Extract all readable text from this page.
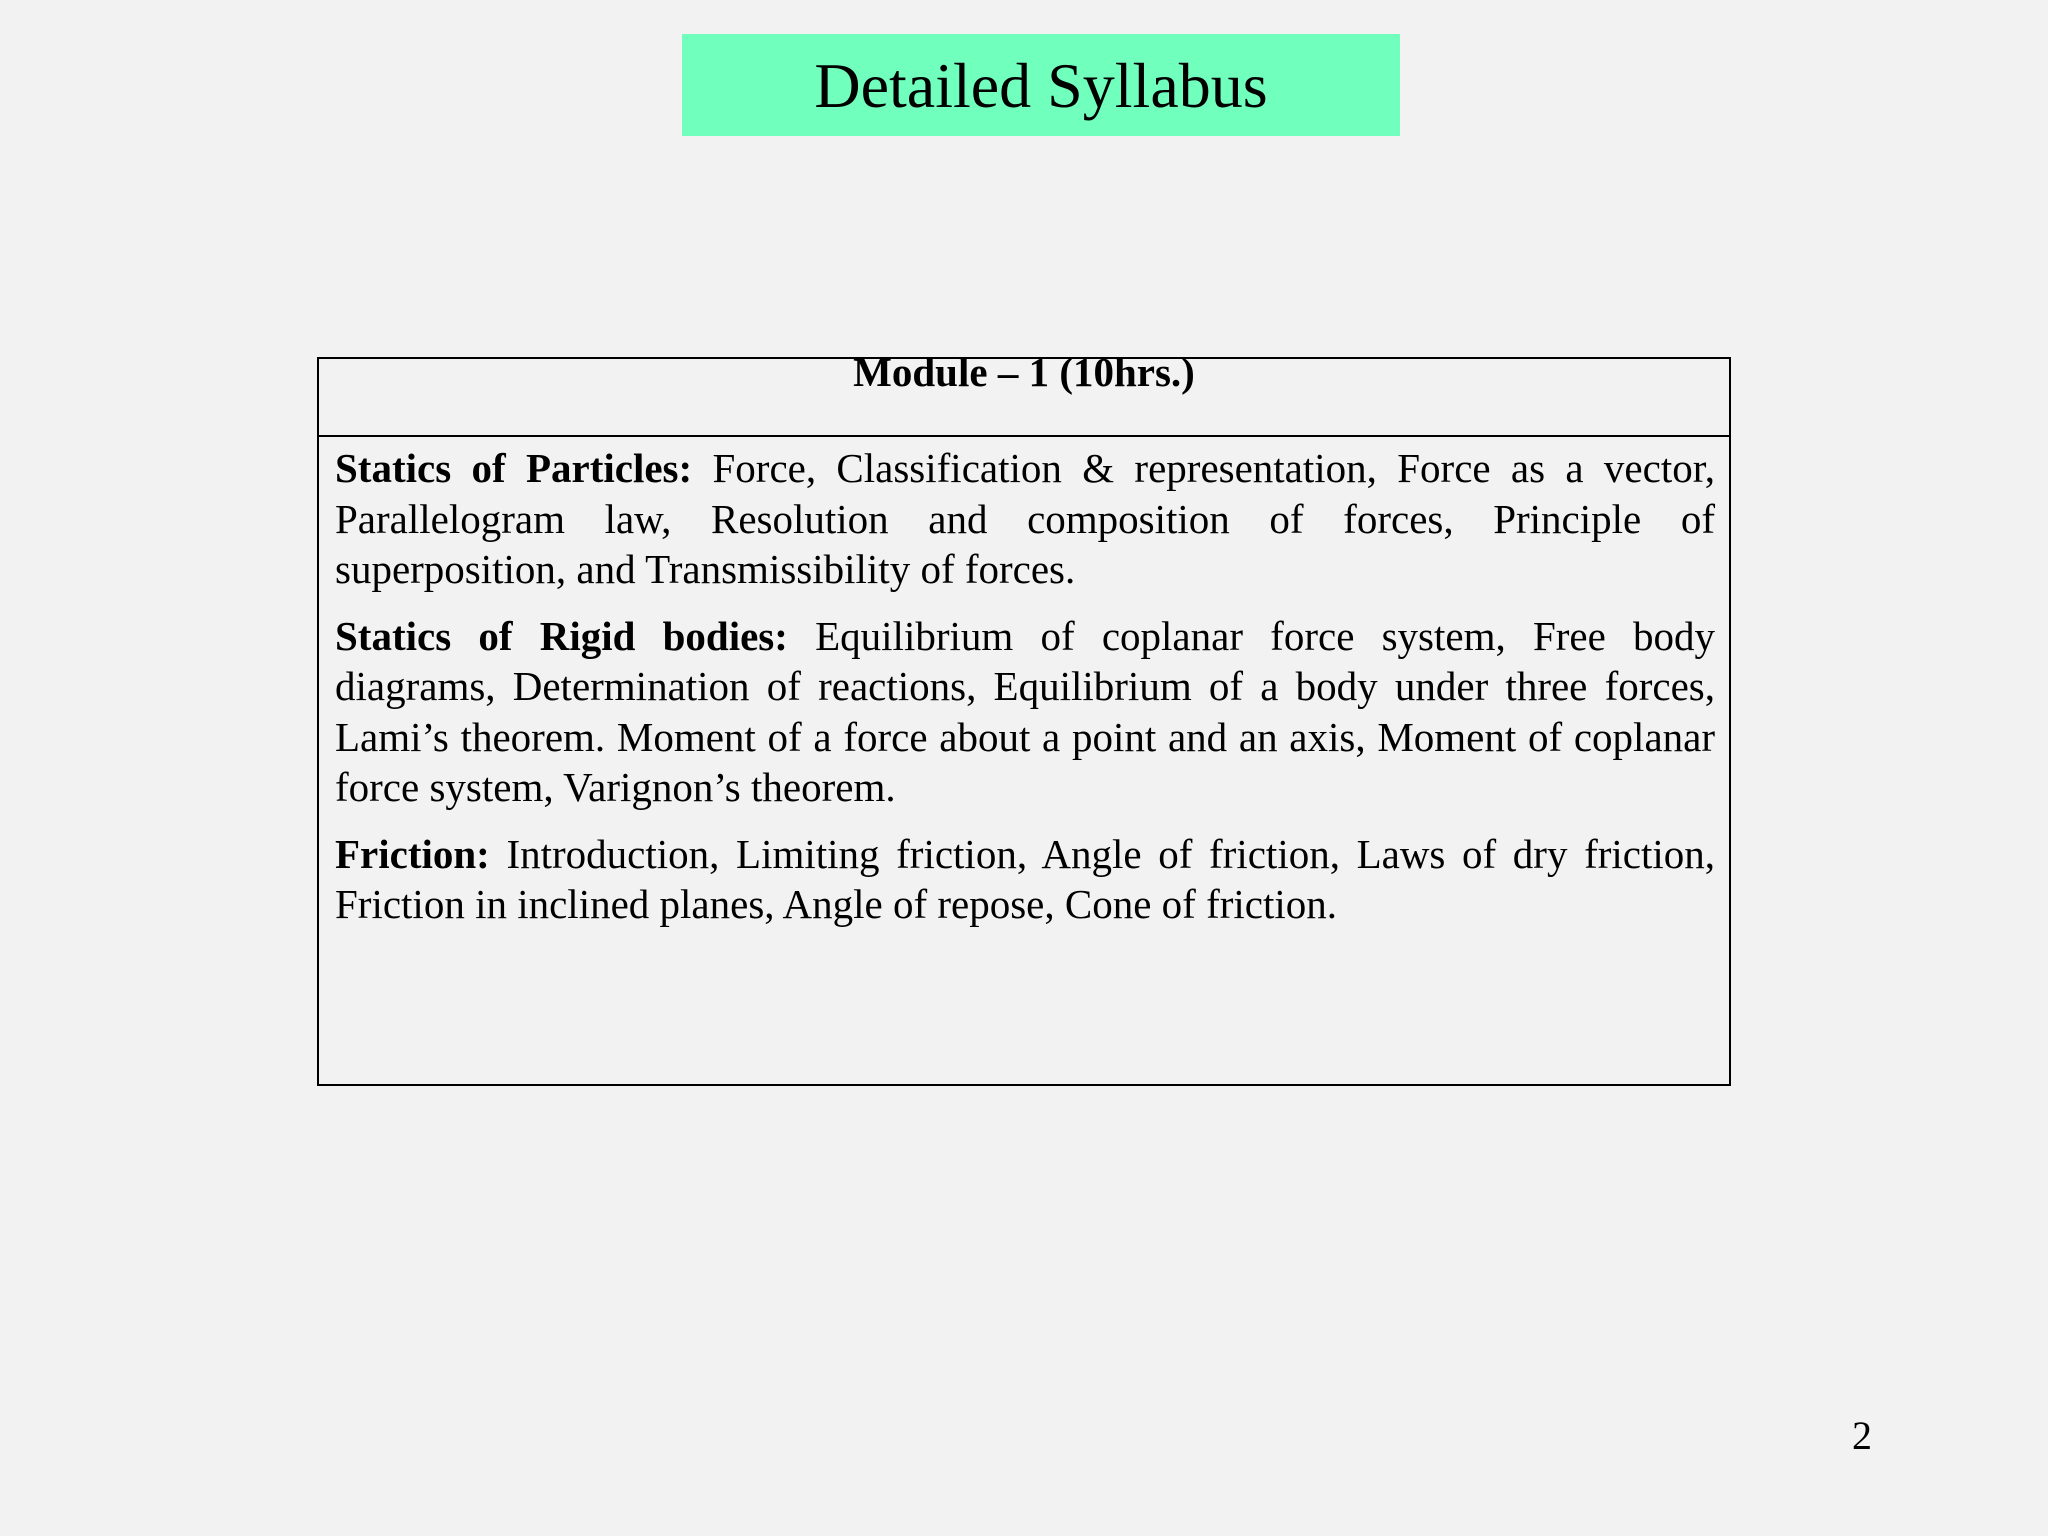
Detailed Syllabus
Module – 1 (10hrs.)

Statics of Particles: Force, Classification & representation, Force as a vector, Parallelogram law, Resolution and composition of forces, Principle of superposition, and Transmissibility of forces.

Statics of Rigid bodies: Equilibrium of coplanar force system, Free body diagrams, Determination of reactions, Equilibrium of a body under three forces, Lami’s theorem. Moment of a force about a point and an axis, Moment of coplanar force system, Varignon’s theorem.

Friction: Introduction, Limiting friction, Angle of friction, Laws of dry friction, Friction in inclined planes, Angle of repose, Cone of friction.

2
